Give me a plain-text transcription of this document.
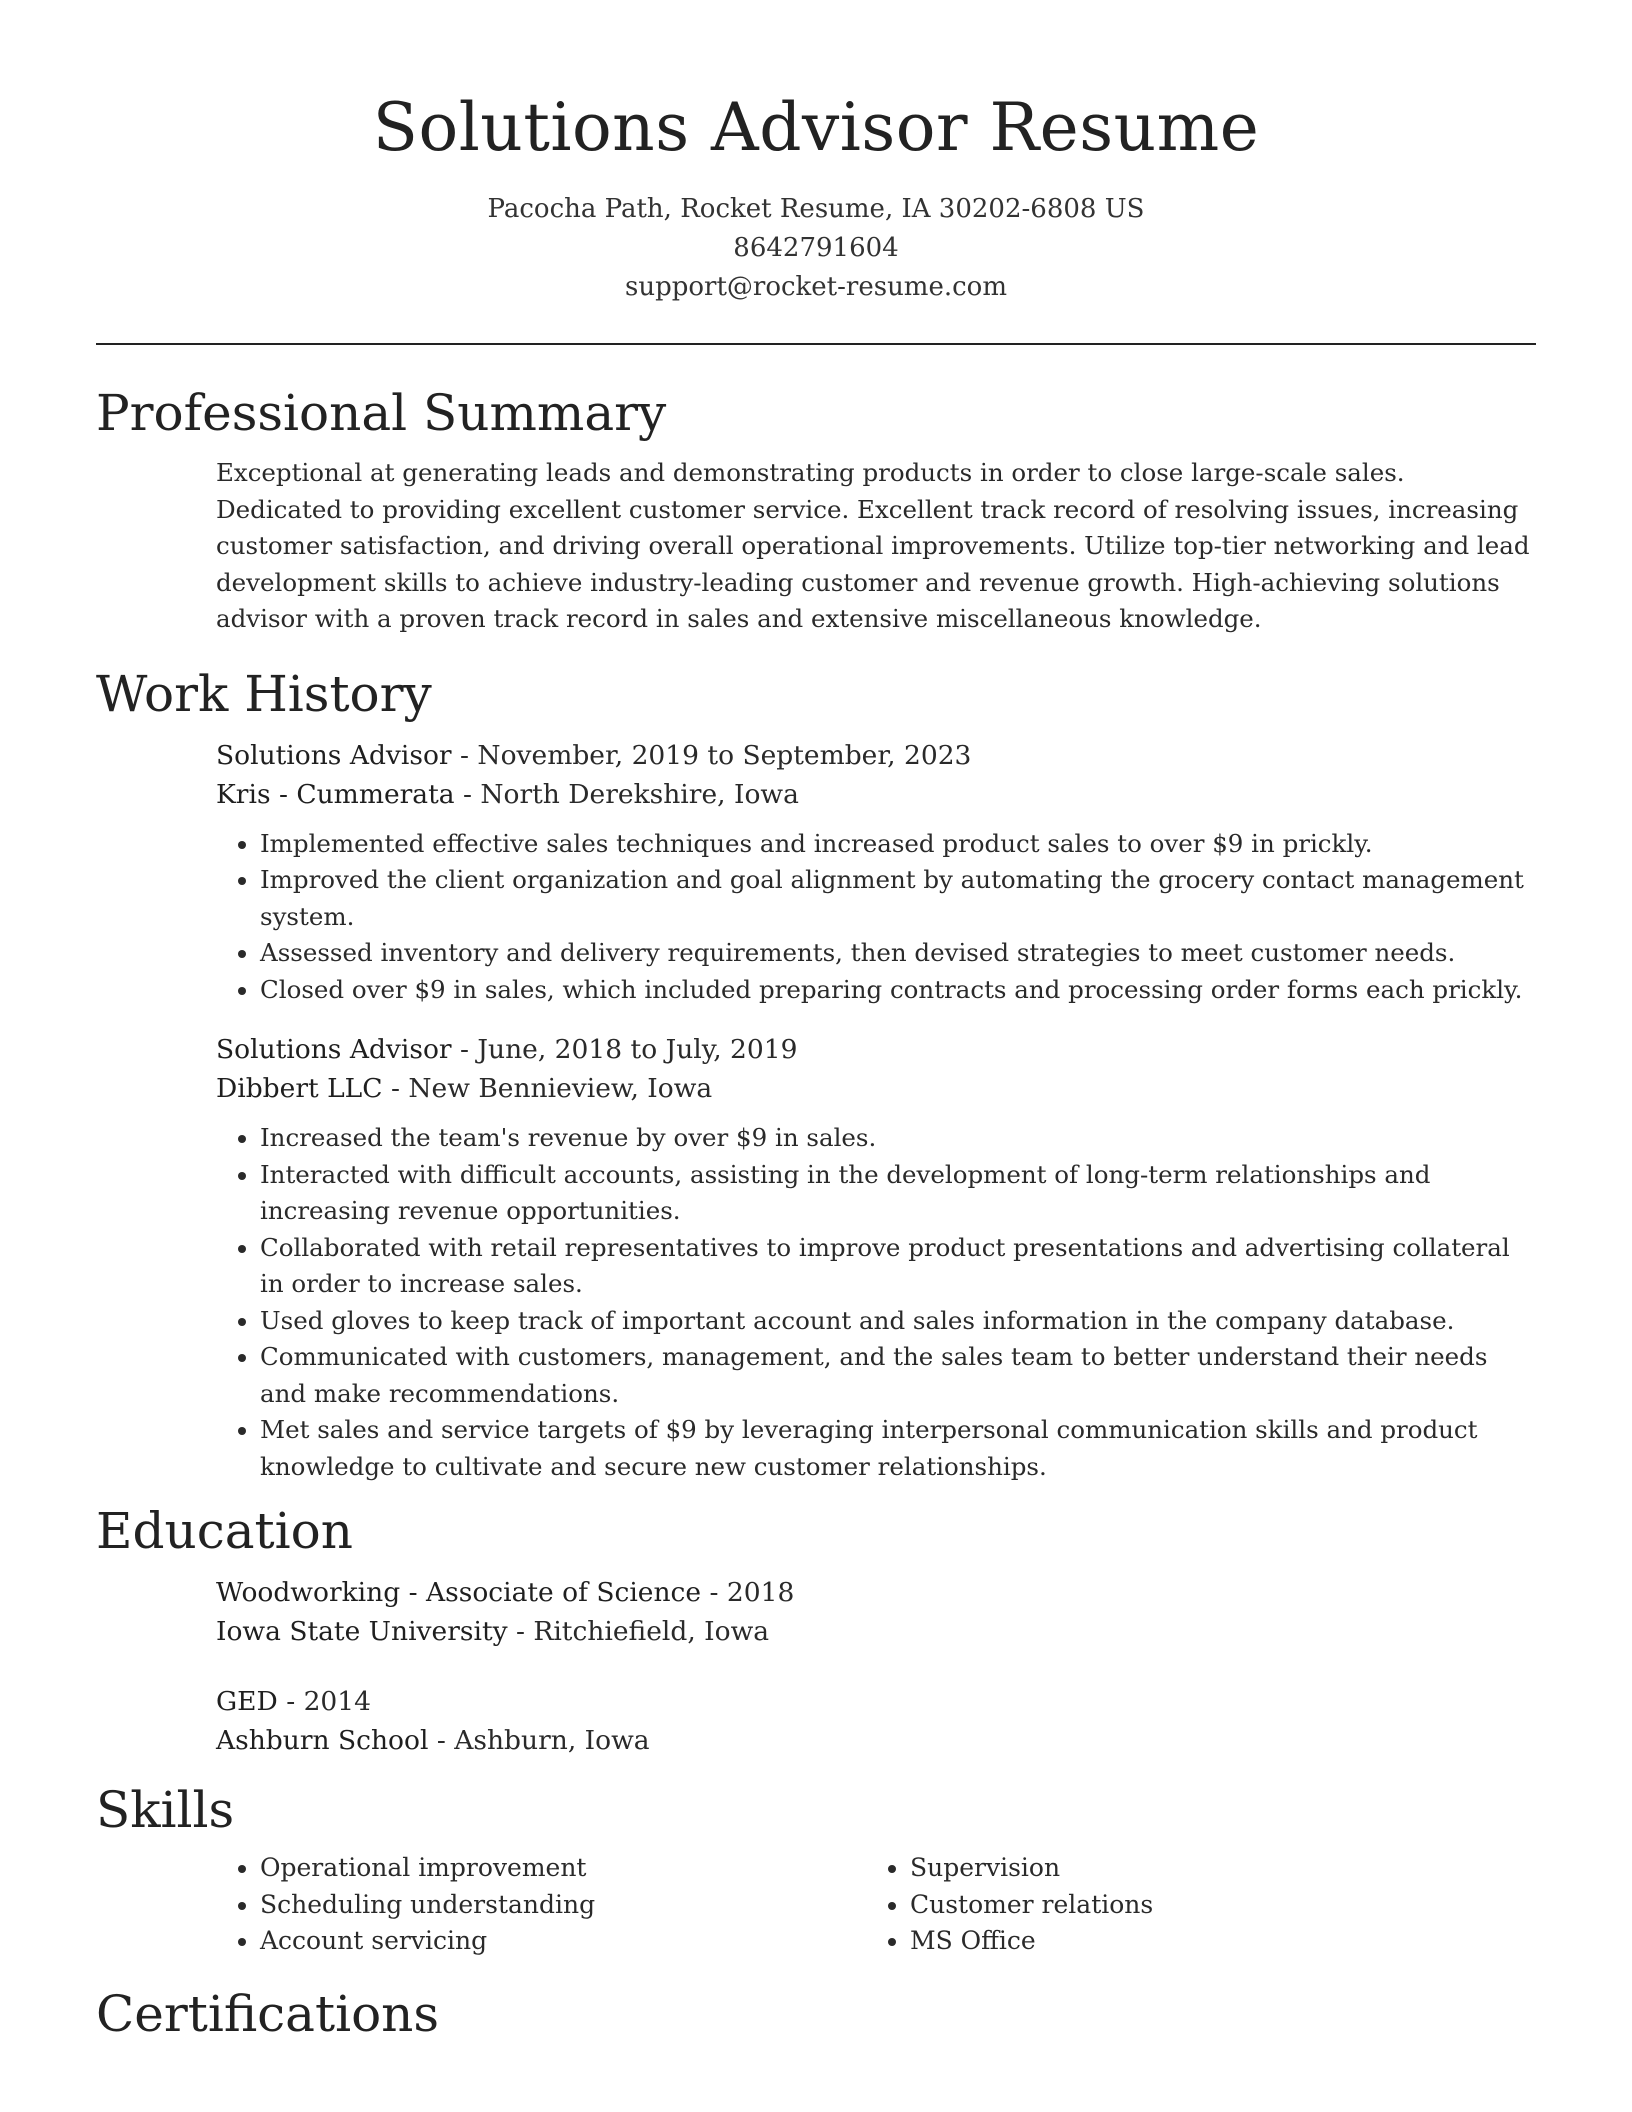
Solutions Advisor Resume
Pacocha Path, Rocket Resume, IA 30202-6808 US
8642791604
support@rocket-resume.com
Professional Summary

Exceptional at generating leads and demonstrating products in order to close large-scale sales. Dedicated to providing excellent customer service. Excellent track record of resolving issues, increasing customer satisfaction, and driving overall operational improvements. Utilize top-tier networking and lead development skills to achieve industry-leading customer and revenue growth. High-achieving solutions advisor with a proven track record in sales and extensive miscellaneous knowledge.

Work History
Solutions Advisor - November, 2019 to September, 2023
Kris - Cummerata - North Derekshire, Iowa
• Implemented effective sales techniques and increased product sales to over $9 in prickly.
• Improved the client organization and goal alignment by automating the grocery contact management system.
• Assessed inventory and delivery requirements, then devised strategies to meet customer needs.
• Closed over $9 in sales, which included preparing contracts and processing order forms each prickly.
Solutions Advisor - June, 2018 to July, 2019
Dibbert LLC - New Bennieview, Iowa
• Increased the team's revenue by over $9 in sales.
• Interacted with difficult accounts, assisting in the development of long-term relationships and increasing revenue opportunities.
• Collaborated with retail representatives to improve product presentations and advertising collateral in order to increase sales.
• Used gloves to keep track of important account and sales information in the company database.
• Communicated with customers, management, and the sales team to better understand their needs and make recommendations.
• Met sales and service targets of $9 by leveraging interpersonal communication skills and product knowledge to cultivate and secure new customer relationships.
Education
Woodworking - Associate of Science - 2018
Iowa State University - Ritchiefield, Iowa
GED - 2014
Ashburn School - Ashburn, Iowa
Skills
• Operational improvement
• Scheduling understanding
• Account servicing
• Supervision
• Customer relations
• MS Office
Certifications
